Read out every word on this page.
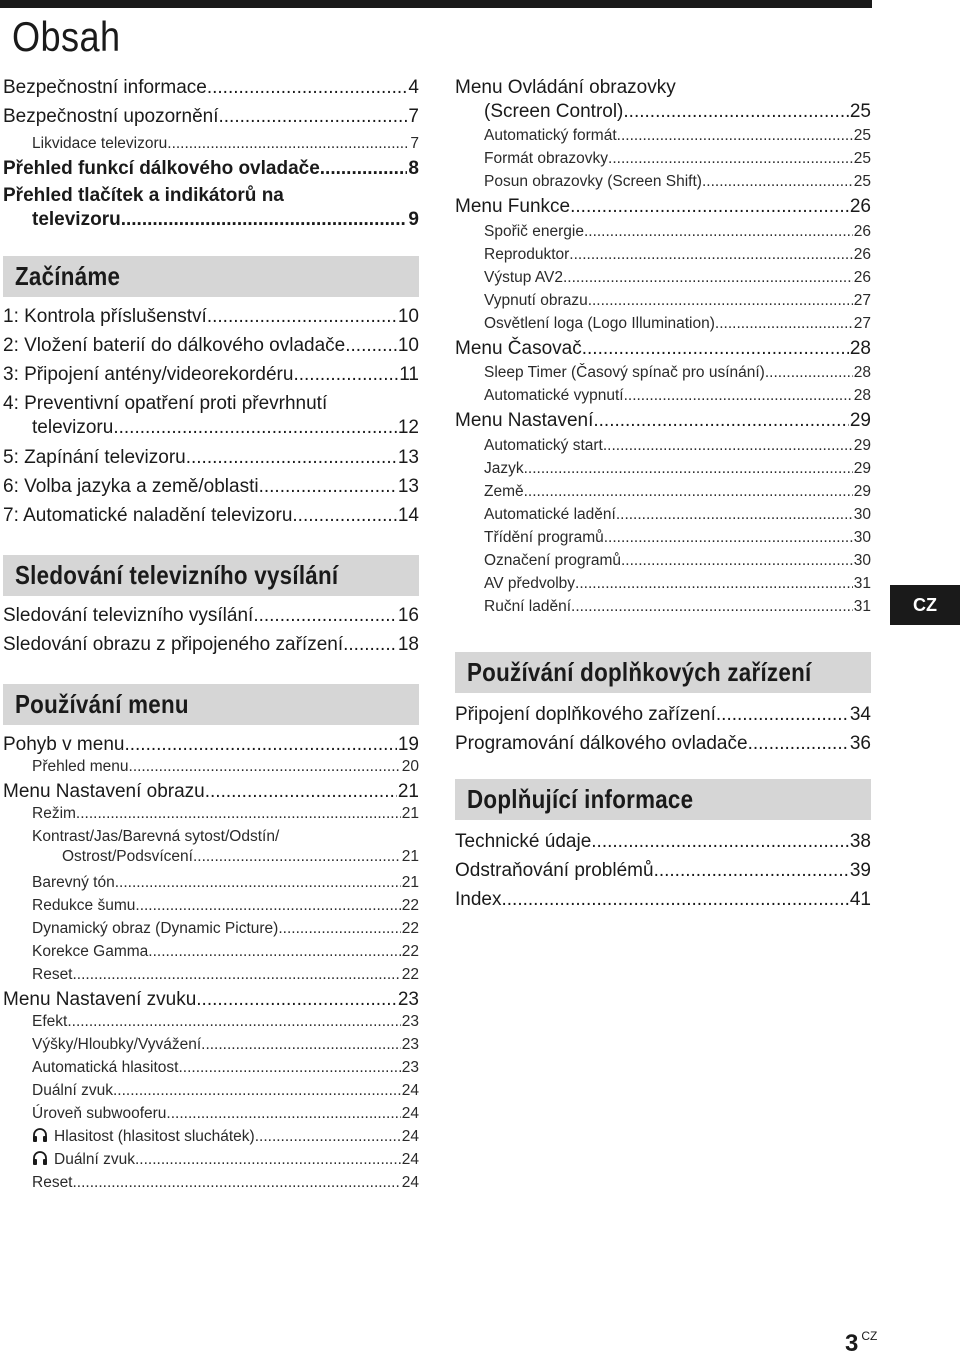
Obsah
Bezpečnostní informace .....	4
Bezpečnostní upozornění .....	7
Likvidace televizoru .....	7
Přehled funkcí dálkového ovladače .....	8
Přehled tlačítek a indikátorů na
televizoru .....	9
Začínáme
1: Kontrola příslušenství .....	10
2: Vložení baterií do dálkového ovladače .....	10
3: Připojení antény/videorekordéru .....	11
4: Preventivní opatření proti převrhnutí
televizoru .....	12
5: Zapínání televizoru .....	13
6: Volba jazyka a země/oblasti .....	13
7: Automatické naladění televizoru .....	14
Sledování televizního vysílání
Sledování televizního vysílání .....	16
Sledování obrazu z připojeného zařízení .....	18
Používání menu
Pohyb v menu .....	19
Přehled menu .....	20
Menu Nastavení obrazu .....	21
Režim .....	21
Kontrast/Jas/Barevná sytost/Odstín/
Ostrost/Podsvícení .....	21
Barevný tón .....	21
Redukce šumu .....	22
Dynamický obraz (Dynamic Picture) .....	22
Korekce Gamma .....	22
Reset .....	22
Menu Nastavení zvuku .....	23
Efekt .....	23
Výšky/Hloubky/Vyvážení .....	23
Automatická hlasitost .....	23
Duální zvuk .....	24
Úroveň subwooferu .....	24
Hlasitost (hlasitost sluchátek) .....	24
Duální zvuk .....	24
Reset .....	24
Menu Ovládání obrazovky
(Screen Control) .....	25
Automatický formát .....	25
Formát obrazovky .....	25
Posun obrazovky (Screen Shift) .....	25
Menu Funkce .....	26
Spořič energie .....	26
Reproduktor .....	26
Výstup AV2 .....	26
Vypnutí obrazu .....	27
Osvětlení loga (Logo Illumination) .....	27
Menu Časovač .....	28
Sleep Timer (Časový spínač pro usínání) .....	28
Automatické vypnutí .....	28
Menu Nastavení .....	29
Automatický start .....	29
Jazyk .....	29
Země .....	29
Automatické ladění .....	30
Třídění programů .....	30
Označení programů .....	30
AV předvolby .....	31
Ruční ladění .....	31
Používání doplňkových zařízení
Připojení doplňkového zařízení .....	34
Programování dálkového ovladače .....	36
Doplňující informace
Technické údaje .....	38
Odstraňování problémů .....	39
Index .....	41
CZ
3 $^{CZ}$
